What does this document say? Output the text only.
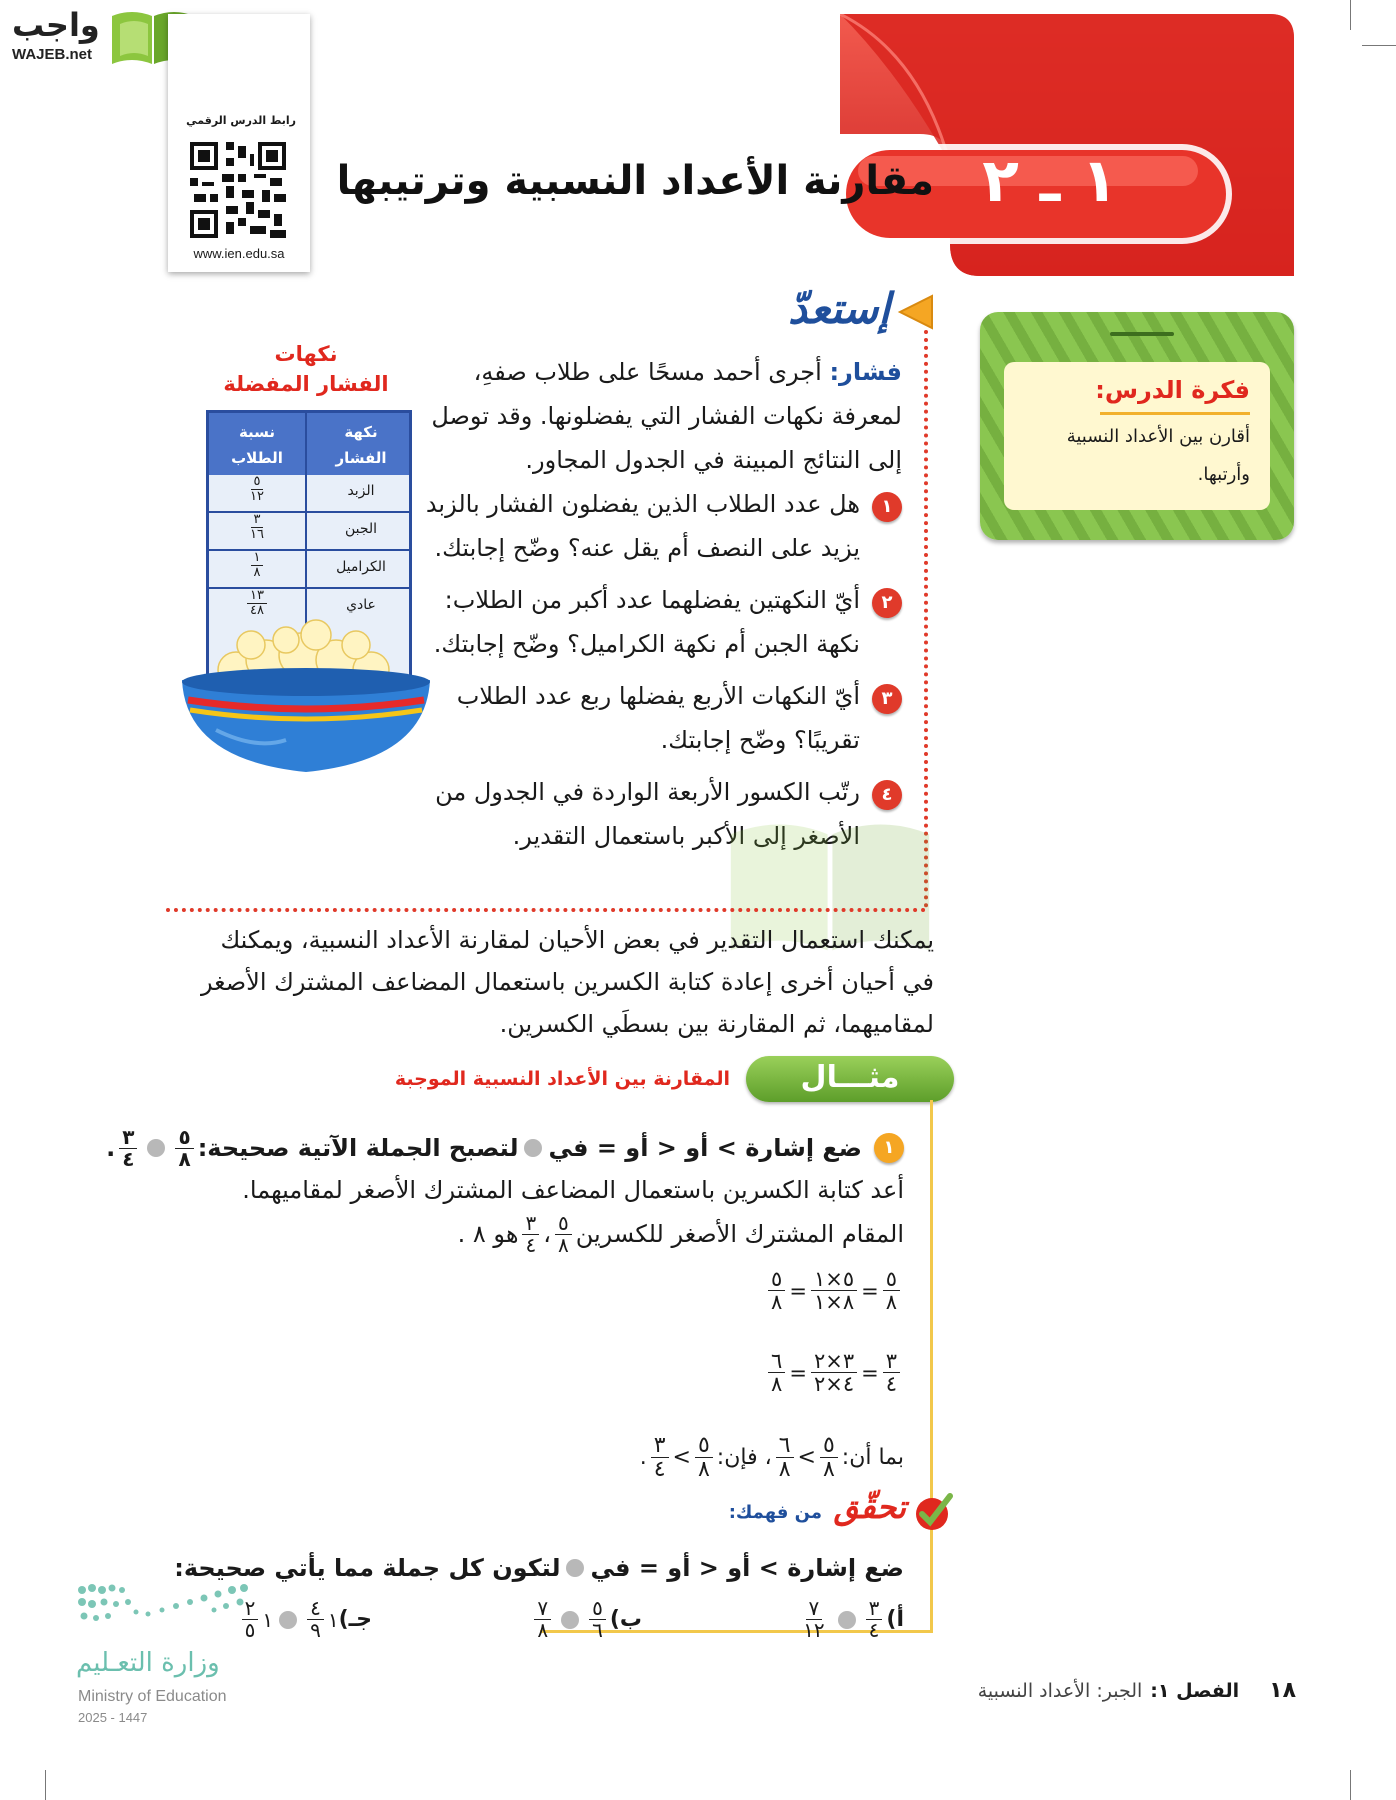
واجب
WAJEB.net
رابط الدرس الرقمي
www.ien.edu.sa
١ ـ ٢
مقارنة الأعداد النسبية وترتيبها
فكرة الدرس:
أقارن بين الأعداد النسبية
وأرتبها.
إستعدّ
فشار: أجرى أحمد مسحًا على طلاب صفهِ،
لمعرفة نكهات الفشار التي يفضلونها. وقد توصل
إلى النتائج المبينة في الجدول المجاور.
١هل عدد الطلاب الذين يفضلون الفشار بالزبد
يزيد على النصف أم يقل عنه؟ وضّح إجابتك.
٢أيّ النكهتين يفضلهما عدد أكبر من الطلاب:
نكهة الجبن أم نكهة الكراميل؟ وضّح إجابتك.
٣أيّ النكهات الأربع يفضلها ربع عدد الطلاب
تقريبًا؟ وضّح إجابتك.
٤رتّب الكسور الأربعة الواردة في الجدول من
الأصغر إلى الأكبر باستعمال التقدير.
نكهات
الفشار المفضلة
نكهة الفشار
نسبة الطلاب
الزبد
$\frac{٥}{١٢}$
الجبن
$\frac{٣}{١٦}$
الكراميل
$\frac{١}{٨}$
عادي
$\frac{١٣}{٤٨}$
يمكنك استعمال التقدير في بعض الأحيان لمقارنة الأعداد النسبية، ويمكنك
في أحيان أخرى إعادة كتابة الكسرين باستعمال المضاعف المشترك الأصغر
لمقاميهما، ثم المقارنة بين بسطَي الكسرين.
مثـــال
المقارنة بين الأعداد النسبية الموجبة
١
ضع إشارة > أو < أو = في
لتصبح الجملة الآتية صحيحة:
$\frac{٥}{٨}$
$\frac{٣}{٤}$
.
أعد كتابة الكسرين باستعمال المضاعف المشترك الأصغر لمقاميهما.
المقام المشترك الأصغر للكسرين
$\frac{٥}{٨}$
،
$\frac{٣}{٤}$
هو ٨ .
$\frac{٥}{٨}$
=
$\frac{٥\times ١}{٨\times ١}$
=
$\frac{٥}{٨}$
$\frac{٣}{٤}$
=
$\frac{٣\times ٢}{٤\times ٢}$
=
$\frac{٦}{٨}$
بما أن:
$\frac{٥}{٨}$
>
$\frac{٦}{٨}$
، فإن:
$\frac{٥}{٨}$
>
$\frac{٣}{٤}$
.
تحقّق
من فهمك:
ضع إشارة > أو < أو = في
لتكون كل جملة مما يأتي صحيحة:
أ)
$\frac{٣}{٤}$
$\frac{٧}{١٢}$
ب)
$\frac{٥}{٦}$
$\frac{٧}{٨}$
جـ)
١
$\frac{٤}{٩}$
١
$\frac{٢}{٥}$
وزارة التعـليم
Ministry of Education
2025 - 1447
١٨
الفصل ١:
الجبر: الأعداد النسبية
